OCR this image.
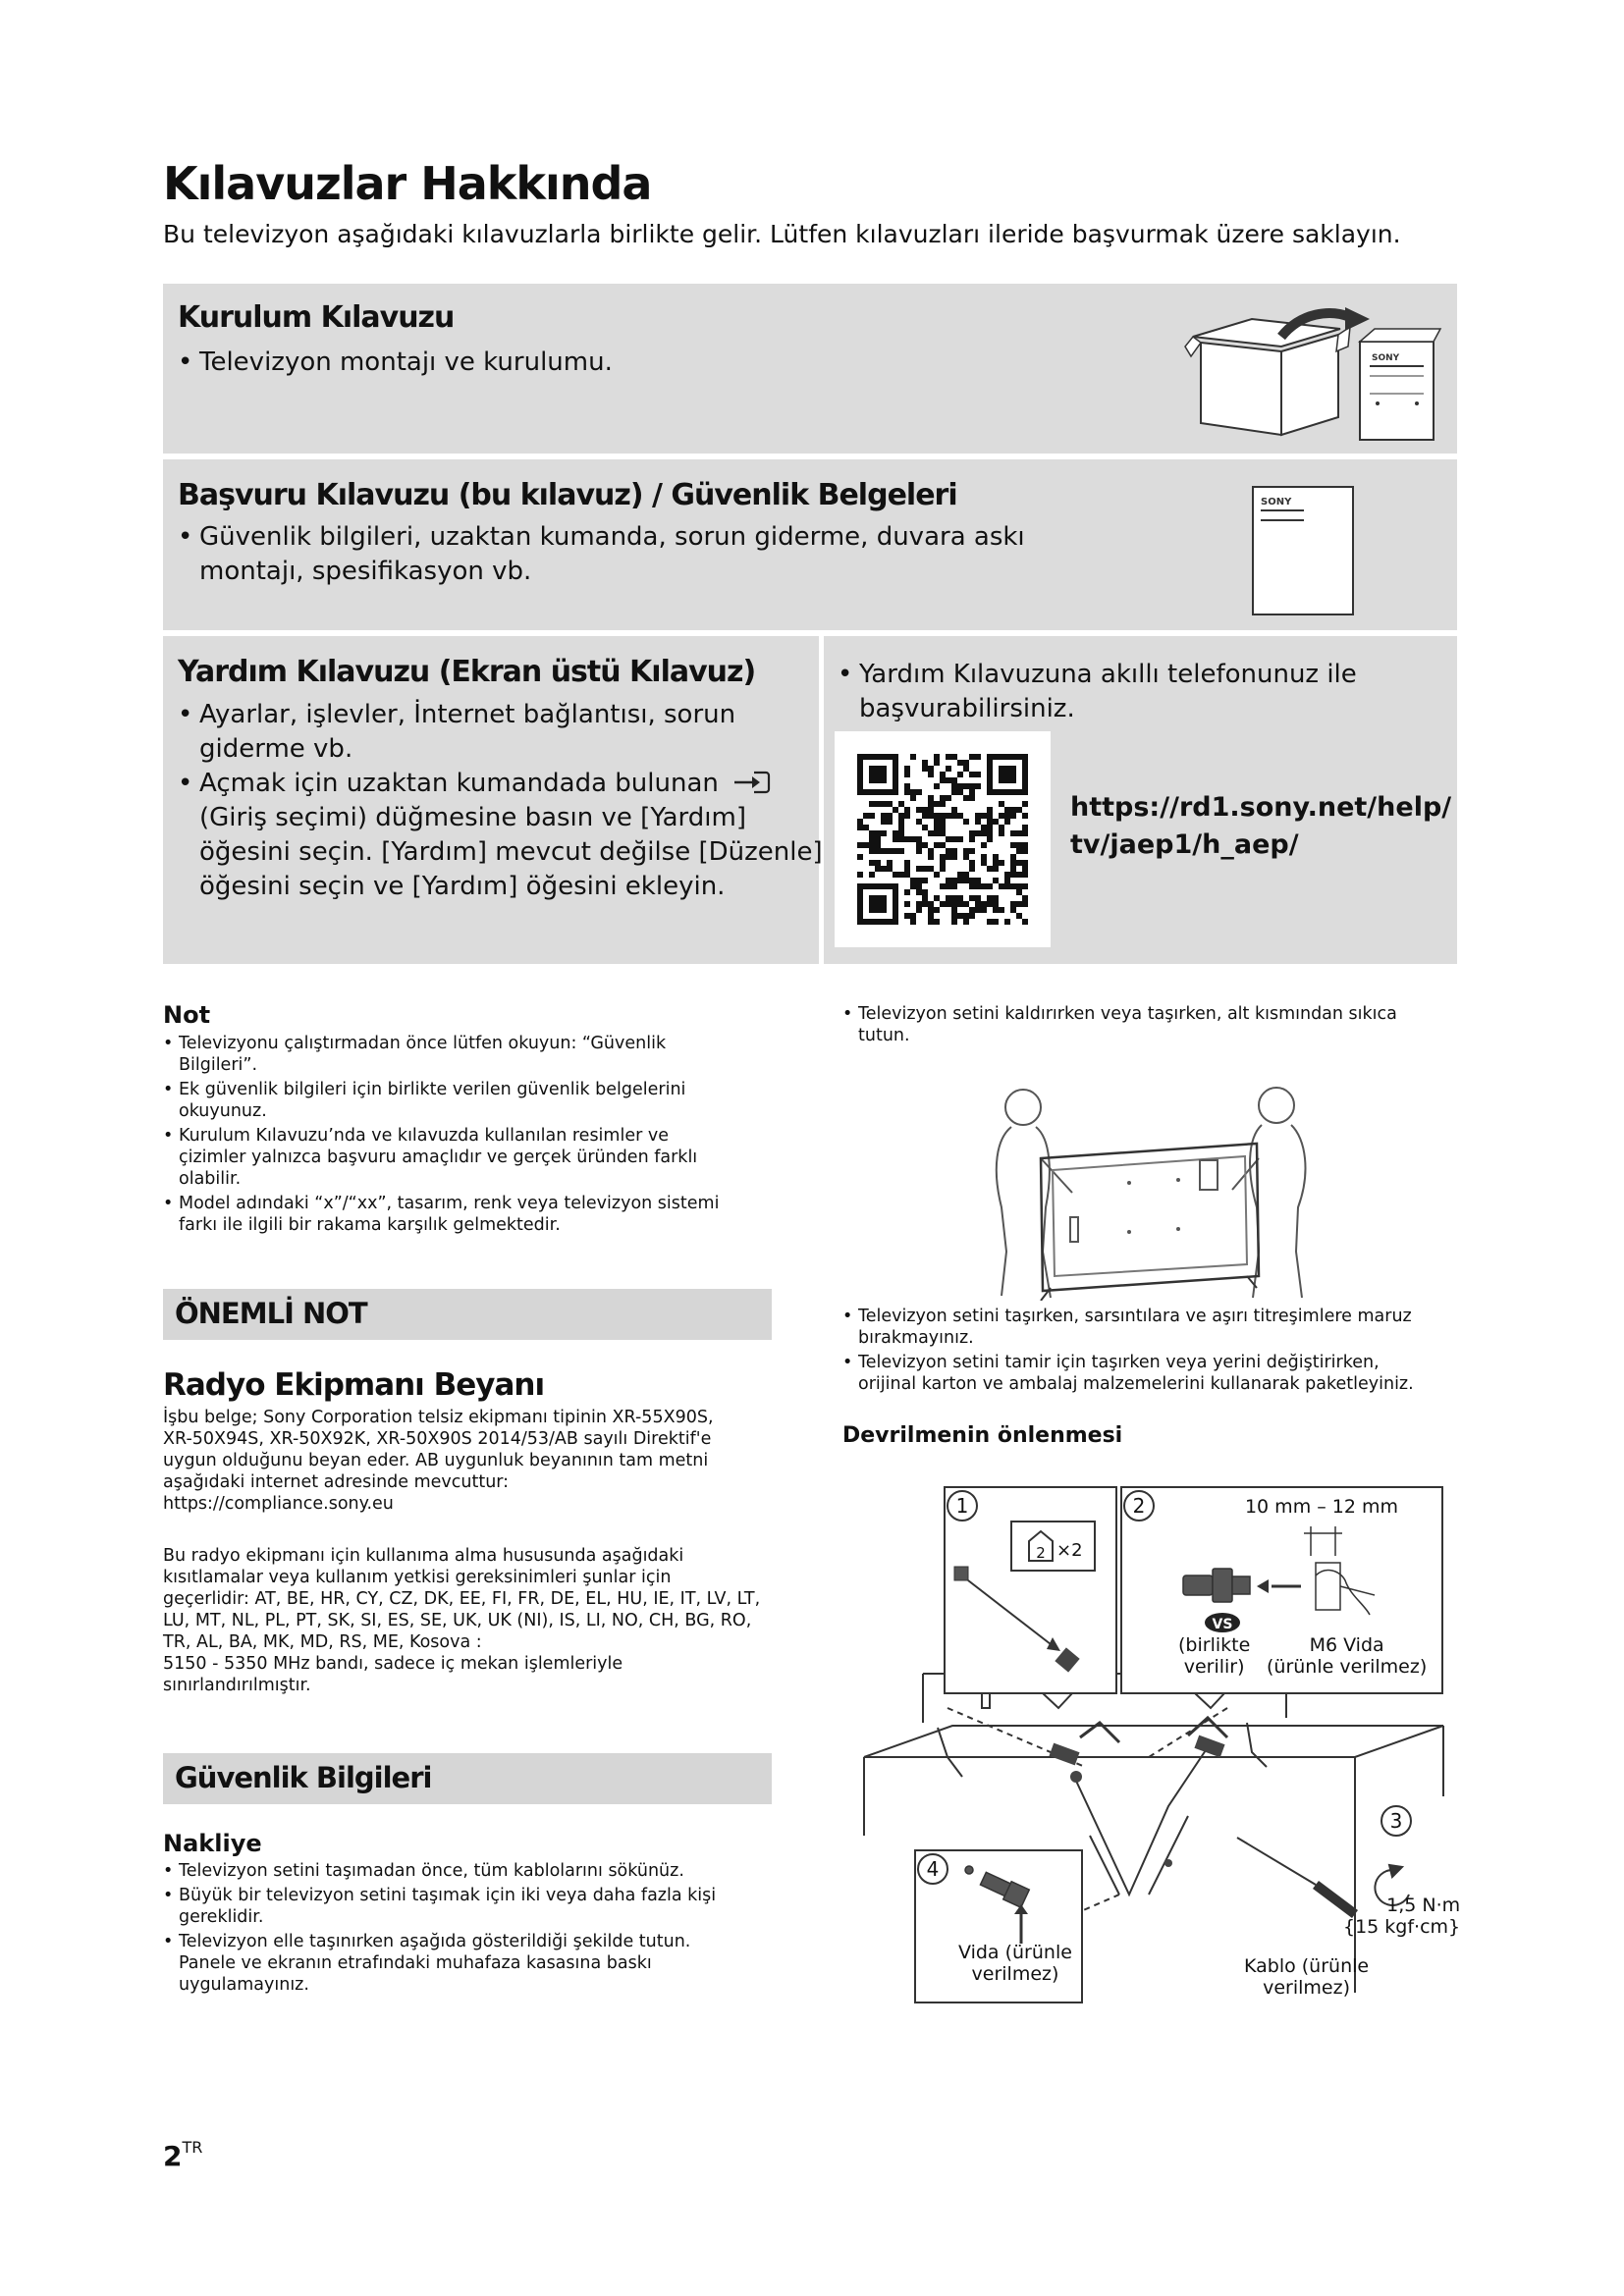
Kılavuzlar Hakkında
Bu televizyon aşağıdaki kılavuzlarla birlikte gelir. Lütfen kılavuzları ileride başvurmak üzere saklayın.
Kurulum Kılavuzu
• Televizyon montajı ve kurulumu.	SONY
Başvuru Kılavuzu (bu kılavuz) / Güvenlik Belgeleri
• Güvenlik bilgileri, uzaktan kumanda, sorun giderme, duvara askı
montajı, spesifikasyon vb.
SONY
Yardım Kılavuzu (Ekran üstü Kılavuz)
• Ayarlar, işlevler, İnternet bağlantısı, sorun
giderme vb.
• Açmak için uzaktan kumandada bulunan
(Giriş seçimi) düğmesine basın ve [Yardım]
öğesini seçin. [Yardım] mevcut değilse [Düzenle]
öğesini seçin ve [Yardım] öğesini ekleyin.
• Yardım Kılavuzuna akıllı telefonunuz ile
başvurabilirsiniz.
https://rd1.sony.net/help/
tv/jaep1/h_aep/
Not
• Televizyonu çalıştırmadan önce lütfen okuyun: “Güvenlik
Bilgileri”.
• Ek güvenlik bilgileri için birlikte verilen güvenlik belgelerini
okuyunuz.
• Kurulum Kılavuzu’nda ve kılavuzda kullanılan resimler ve
çizimler yalnızca başvuru amaçlıdır ve gerçek üründen farklı
olabilir.
• Model adındaki “x”/“xx”, tasarım, renk veya televizyon sistemi
farkı ile ilgili bir rakama karşılık gelmektedir.
ÖNEMLİ NOT
Radyo Ekipmanı Beyanı
İşbu belge; Sony Corporation telsiz ekipmanı tipinin XR-55X90S,
XR-50X94S, XR-50X92K, XR-50X90S 2014/53/AB sayılı Direktif'e
uygun olduğunu beyan eder. AB uygunluk beyanının tam metni
aşağıdaki internet adresinde mevcuttur:
https://compliance.sony.eu
Bu radyo ekipmanı için kullanıma alma hususunda aşağıdaki
kısıtlamalar veya kullanım yetkisi gereksinimleri şunlar için
geçerlidir: AT, BE, HR, CY, CZ, DK, EE, FI, FR, DE, EL, HU, IE, IT, LV, LT,
LU, MT, NL, PL, PT, SK, SI, ES, SE, UK, UK (NI), IS, LI, NO, CH, BG, RO,
TR, AL, BA, MK, MD, RS, ME, Kosova :
5150 - 5350 MHz bandı, sadece iç mekan işlemleriyle
sınırlandırılmıştır.
Güvenlik Bilgileri
Nakliye
• Televizyon setini taşımadan önce, tüm kablolarını sökünüz.
• Büyük bir televizyon setini taşımak için iki veya daha fazla kişi
gereklidir.
• Televizyon elle taşınırken aşağıda gösterildiği şekilde tutun.
Panele ve ekranın etrafındaki muhafaza kasasına baskı
uygulamayınız.
• Televizyon setini kaldırırken veya taşırken, alt kısmından sıkıca
tutun.
• Televizyon setini taşırken, sarsıntılara ve aşırı titreşimlere maruz
bırakmayınız.
• Televizyon setini tamir için taşırken veya yerini değiştirirken,
orijinal karton ve ambalaj malzemelerini kullanarak paketleyiniz.
Devrilmenin önlenmesi
1
2 ×2
2	10 mm – 12 mm
VS
4
3
(birlikte
verilir)
M6 Vida
(ürünle verilmez)
1,5 N·m
{15 kgf·cm}
Vida (ürünle
verilmez)	Kablo (ürünle
verilmez)
$2^{TR}$
